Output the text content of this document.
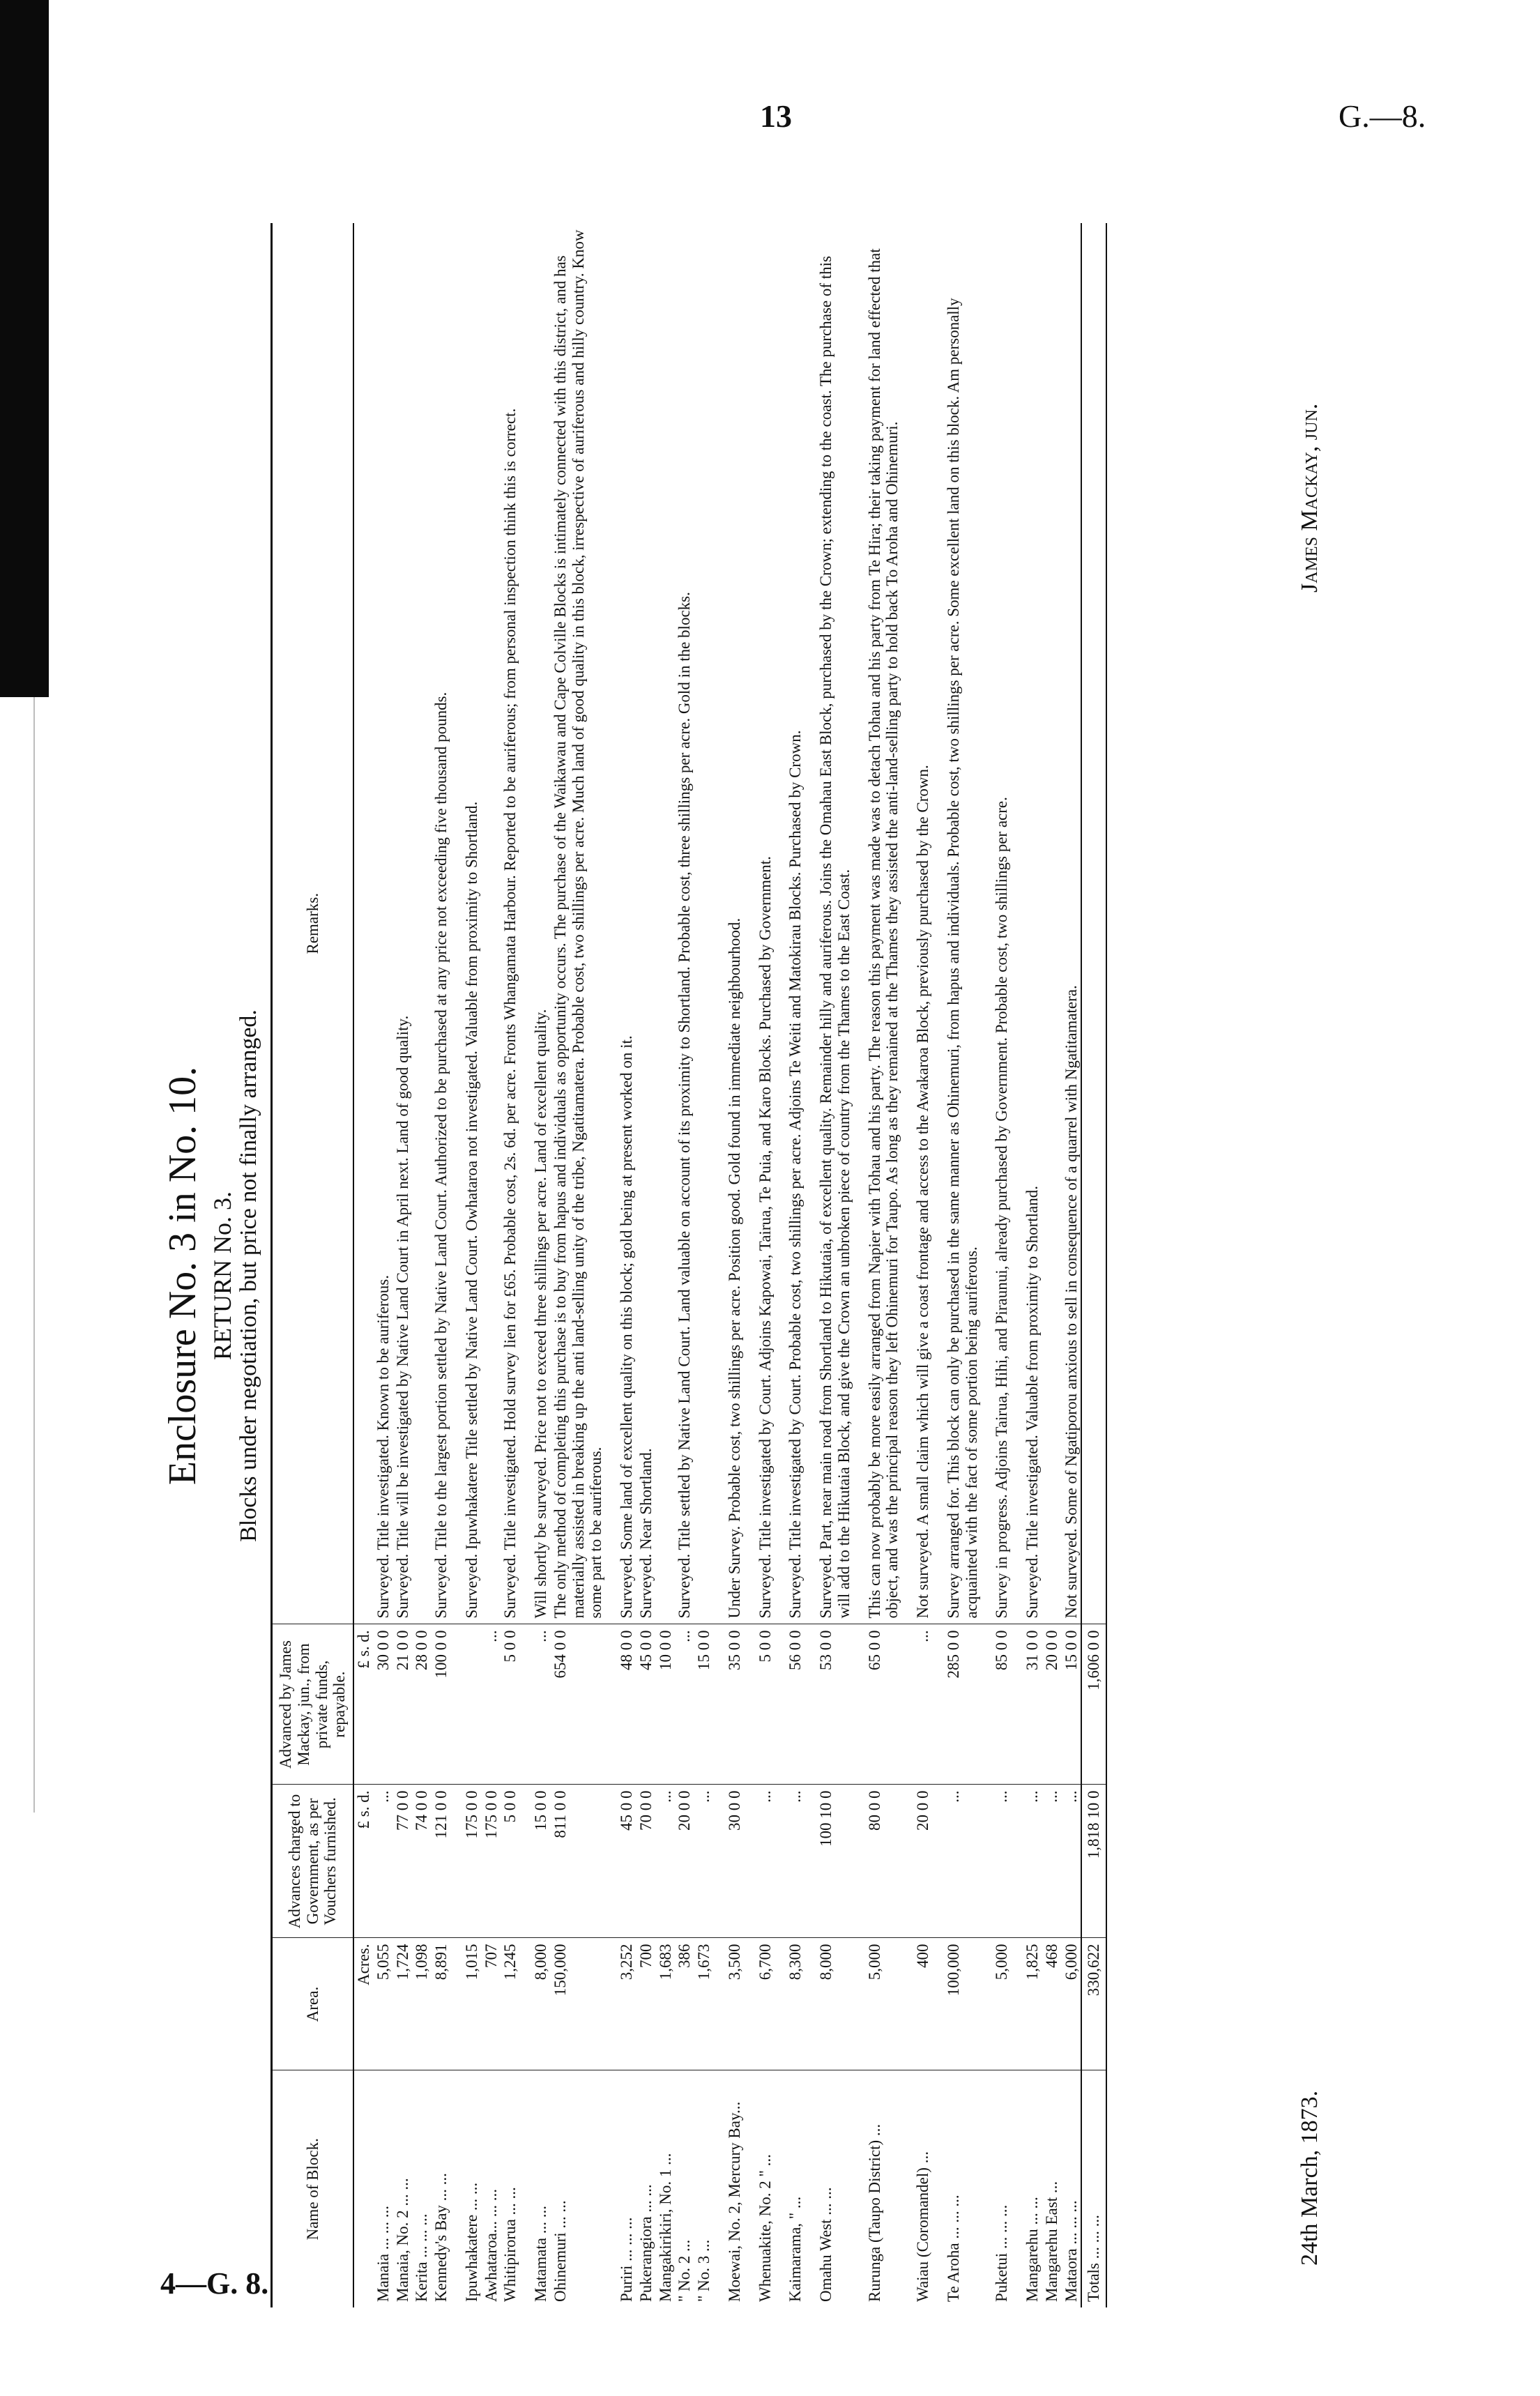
13	G.—8.
4—G. 8.
Enclosure No. 3 in No. 10. RETURN No. 3. Blocks under negotiation, but price not finally arranged.
Name of Block.	Area.	Advances charged to Government, as per Vouchers furnished.	Advanced by James Mackay, jun., from private funds, repayable.	Remarks.
	Acres.	£ s. d.	£ s. d.	
Manaia ... ... ...	5,055	...	30 0 0	Surveyed. Title investigated. Known to be auriferous.
Manaia, No. 2 ... ...	1,724	77 0 0	21 0 0	Surveyed. Title will be investigated by Native Land Court in April next. Land of good quality.
Kerita ... ... ...	1,098	74 0 0	28 0 0	
Kennedy's Bay ... ...	8,891	121 0 0	100 0 0	Surveyed. Title to the largest portion settled by Native Land Court. Authorized to be purchased at any price not exceeding five thousand pounds.

Ipuwhakatere ... ...	1,015	175 0 0		Surveyed. Ipuwhakatere Title settled by Native Land Court. Owhataroa not investigated. Valuable from proximity to Shortland.
Awhataroa... ... ...	707	175 0 0	...	
Whitipirorua ... ...	1,245	5 0 0	5 0 0	Surveyed. Title investigated. Hold survey lien for £65. Probable cost, 2s. 6d. per acre. Fronts Whangamata Harbour. Reported to be auriferous; from personal inspection think this is correct.

Matamata ... ...	8,000	15 0 0	...	Will shortly be surveyed. Price not to exceed three shillings per acre. Land of excellent quality.
Ohinemuri ... ...	150,000	811 0 0	654 0 0	The only method of completing this purchase is to buy from hapus and individuals as opportunity occurs. The purchase of the Waikawau and Cape Colville Blocks is intimately connected with this district, and has materially assisted in breaking up the anti land-selling unity of the tribe, Ngatitamatera. Probable cost, two shillings per acre. Much land of good quality in this block, irrespective of auriferous and hilly country. Know some part to be auriferous.

Puriri ... ... ...	3,252	45 0 0	48 0 0	Surveyed. Some land of excellent quality on this block; gold being at present worked on it.
Pukerangiora ... ...	700	70 0 0	45 0 0	Surveyed. Near Shortland.
Mangakirikiri, No. 1 ...	1,683	...	10 0 0	
" No. 2 ...	386	20 0 0	...	Surveyed. Title settled by Native Land Court. Land valuable on account of its proximity to Shortland. Probable cost, three shillings per acre. Gold in the blocks.
" No. 3 ...	1,673	...	15 0 0	

Moewai, No. 2, Mercury Bay...	3,500	30 0 0	35 0 0	Under Survey. Probable cost, two shillings per acre. Position good. Gold found in immediate neighbourhood.

Whenuakite, No. 2 " ...	6,700	...	5 0 0	Surveyed. Title investigated by Court. Adjoins Kapowai, Tairua, Te Puia, and Karo Blocks. Purchased by Government.

Kaimarama, " ...	8,300	...	56 0 0	Surveyed. Title investigated by Court. Probable cost, two shillings per acre. Adjoins Te Weiti and Matokirau Blocks. Purchased by Crown.

Omahu West ... ...	8,000	100 10 0	53 0 0	Surveyed. Part, near main road from Shortland to Hikutaia, of excellent quality. Remainder hilly and auriferous. Joins the Omahau East Block, purchased by the Crown; extending to the coast. The purchase of this will add to the Hikutaia Block, and give the Crown an unbroken piece of country from the Thames to the East Coast.

Rurunga (Taupo District) ...	5,000	80 0 0	65 0 0	This can now probably be more easily arranged from Napier with Tohau and his party. The reason this payment was made was to detach Tohau and his party from Te Hira; their taking payment for land effected that object, and was the principal reason they left Ohinemuri for Taupo. As long as they remained at the Thames they assisted the anti-land-selling party to hold back To Aroha and Ohinemuri.

Waiau (Coromandel) ...	400	20 0 0	...	Not surveyed. A small claim which will give a coast frontage and access to the Awakaroa Block, previously purchased by the Crown.

Te Aroha ... ... ...	100,000	...	285 0 0	Survey arranged for. This block can only be purchased in the same manner as Ohinemuri, from hapus and individuals. Probable cost, two shillings per acre. Some excellent land on this block. Am personally acquainted with the fact of some portion being auriferous.

Puketui ... ... ...	5,000	...	85 0 0	Survey in progress. Adjoins Tairua, Hihi, and Piraunui, already purchased by Government. Probable cost, two shillings per acre.

Mangarehu ... ...	1,825	...	31 0 0	Surveyed. Title investigated. Valuable from proximity to Shortland.
Mangarehu East ...	468	...	20 0 0	
Mataora ... ... ...	6,000	...	15 0 0	Not surveyed. Some of Ngatiporou anxious to sell in consequence of a quarrel with Ngatitamatera.
Totals ... ... ...	330,622	1,818 10 0	1,606 0 0	

24th March, 1873.
James Mackay, jun.
